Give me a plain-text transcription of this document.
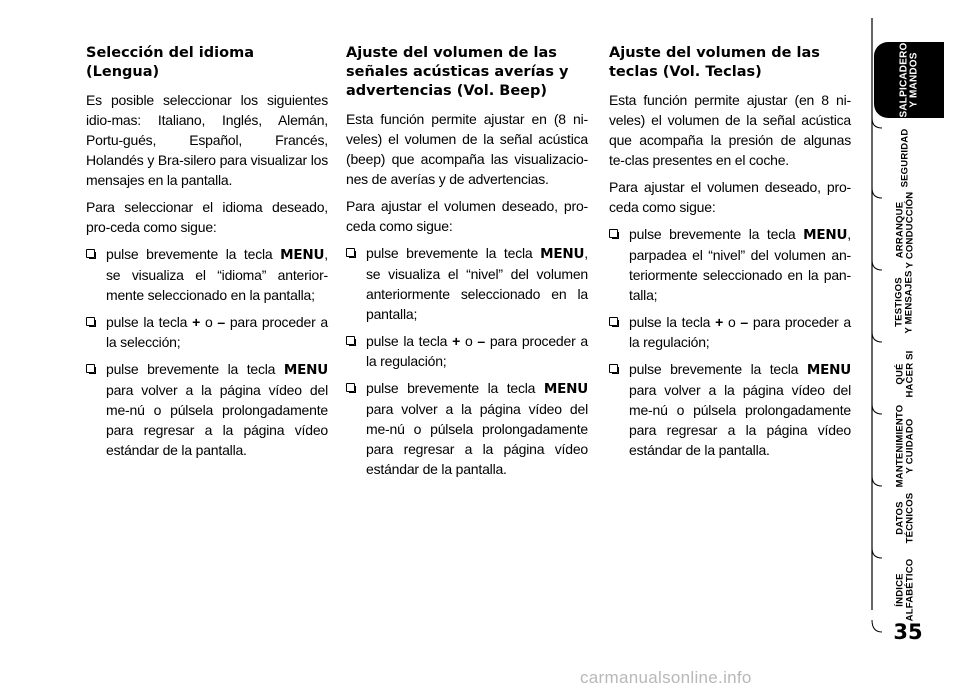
Selección del idioma (Lengua)

Es posible seleccionar los siguientes idio-mas: Italiano, Inglés, Alemán, Portu-gués, Español, Francés, Holandés y Bra-silero para visualizar los mensajes en la pantalla.

Para seleccionar el idioma deseado, pro-ceda como sigue:

pulse brevemente la tecla MENU, se visualiza el “idioma” anterior-mente seleccionado en la pantalla;
pulse la tecla + o – para proceder a la selección;
pulse brevemente la tecla MENU para volver a la página vídeo del me-nú o púlsela prolongadamente para regresar a la página vídeo estándar de la pantalla.
Ajuste del volumen de las señales acústicas averías y advertencias (Vol. Beep)

Esta función permite ajustar en (8 ni-veles) el volumen de la señal acústica (beep) que acompaña las visualizacio-nes de averías y de advertencias.

Para ajustar el volumen deseado, pro-ceda como sigue:

pulse brevemente la tecla MENU, se visualiza el “nivel” del volumen anteriormente seleccionado en la pantalla;
pulse la tecla + o – para proceder a la regulación;
pulse brevemente la tecla MENU para volver a la página vídeo del me-nú o púlsela prolongadamente para regresar a la página vídeo estándar de la pantalla.
Ajuste del volumen de las teclas (Vol. Teclas)

Esta función permite ajustar (en 8 ni-veles) el volumen de la señal acústica que acompaña la presión de algunas te-clas presentes en el coche.

Para ajustar el volumen deseado, pro-ceda como sigue:

pulse brevemente la tecla MENU, parpadea el “nivel” del volumen an-teriormente seleccionado en la pan-talla;
pulse la tecla + o – para proceder a la regulación;
pulse brevemente la tecla MENU para volver a la página vídeo del me-nú o púlsela prolongadamente para regresar a la página vídeo estándar de la pantalla.
SALPICADERO
Y MANDOS
SEGURIDAD
ARRANQUE
Y CONDUCCIÓN
TESTIGOS
Y MENSAJES
QUÉ
HACER SI
MANTENIMIENTO
Y CUIDADO
DATOS
TÉCNICOS
ÍNDICE
ALFABÉTICO
35
carmanualsonline.info
